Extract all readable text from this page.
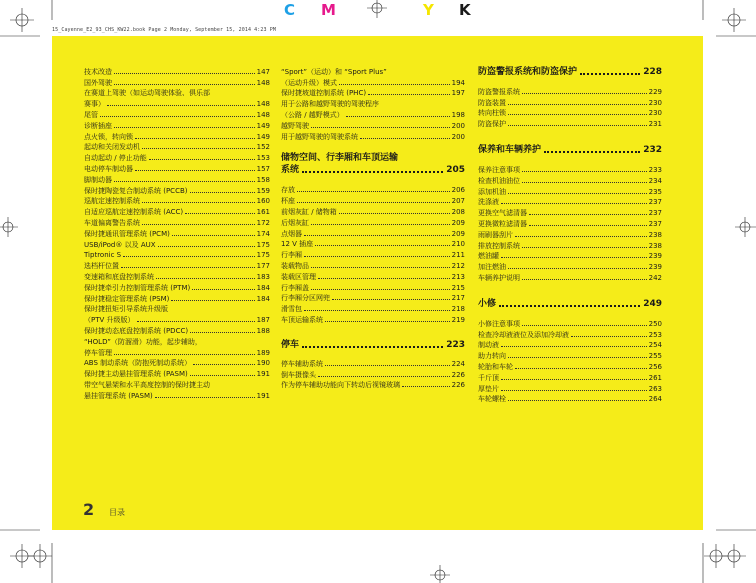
C M	Y K
15_Cayenne_E2_93_CHS_KW22.book Page 2 Monday, September 15, 2014 4:23 PM
技术改造	147
国外驾驶	148
在赛道上驾驶（如运动驾驶体验、俱乐部
赛事）	148
尾管	148
诊断插座	149
点火锁，转向锁	149
起动和关闭发动机	152
自动起动 / 停止功能	153
电动停车制动器	157
脚制动器	158
保时捷陶瓷复合制动系统 (PCCB)	159
巡航定速控制系统	160
自适应巡航定速控制系统 (ACC)	161
车道偏离警告系统	172
保时捷通讯管理系统 (PCM)	174
USB/iPod® 以及 AUX	175
Tiptronic S	175
选档杆位置	177
变速箱和底盘控制系统	183
保时捷牵引力控制管理系统 (PTM)	184
保时捷稳定管理系统 (PSM)	184
保时捷扭矩引导系统升级版
（PTV 升级版）	187
保时捷动态底盘控制系统 (PDCC)	188
“HOLD”（防溜滑）功能，起步辅助，
停车管理	189
ABS 制动系统（防抱死制动系统）	190
保时捷主动悬挂管理系统 (PASM)	191
带空气悬架和水平高度控制的保时捷主动
悬挂管理系统 (PASM)	191
“Sport”（运动）和 “Sport Plus”
（运动升级）模式	194
保时捷坡道控制系统 (PHC)	197
用于公路和越野驾驶的驾驶程序
（公路 / 越野模式）	198
越野驾驶	200
用于越野驾驶的驾驶系统	200
储物空间、行李厢和车顶运输
系统	205
存放	206
杯座	207
前烟灰缸 / 储物箱	208
后烟灰缸	209
点烟器	209
12 V 插座	210
行李厢	211
装载物品	212
装载区管理	213
行李厢盖	215
行李厢分区网兜	217
滑雪包	218
车顶运输系统	219
停车	223
停车辅助系统	224
倒车摄像头	226
作为停车辅助功能向下转动后视镜玻璃	226
防盗警报系统和防盗保护	228
防盗警报系统	229
防盗装置	230
转向柱锁	230
防盗保护	231
保养和车辆养护	232
保养注意事项	233
检查机油油位	234
添加机油	235
洗涤液	237
更换空气滤清器	237
更换微粒滤清器	237
雨刷器刮片	238
排放控制系统	238
燃油罐	239
加注燃油	239
车辆养护说明	242
小修	249
小修注意事项	250
检查冷却液液位及添加冷却液	253
制动液	254
助力转向	255
轮胎和车轮	256
千斤顶	261
厚垫片	263
车轮螺栓	264
2 目录
